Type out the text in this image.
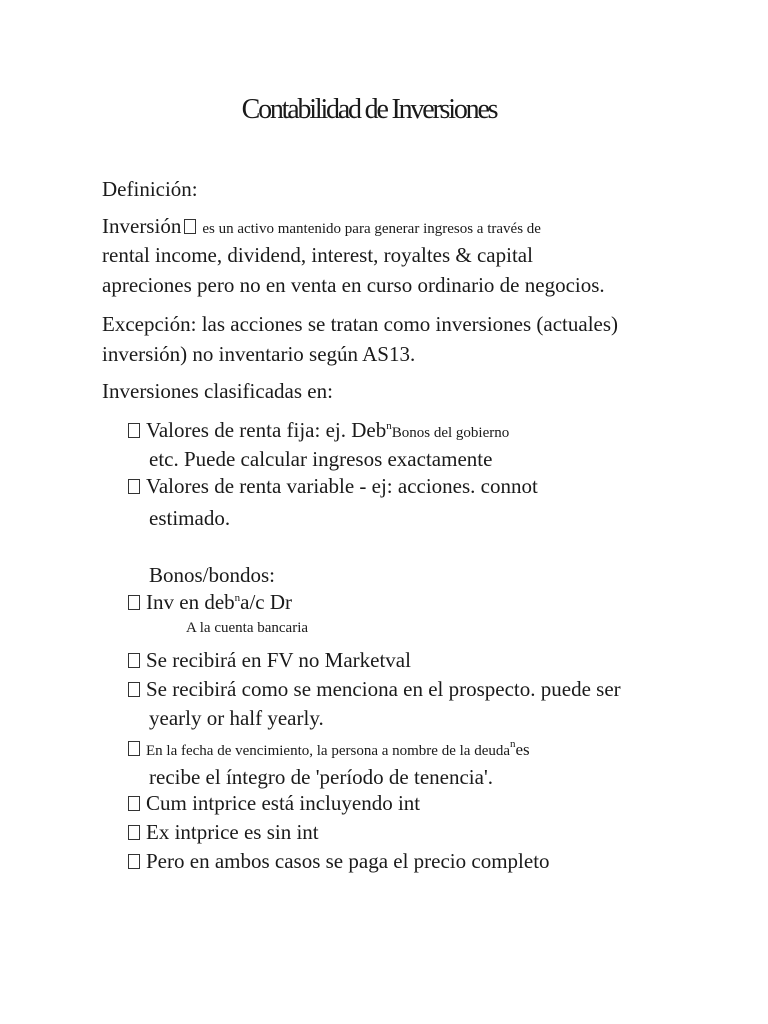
Contabilidad de Inversiones
Definición:
Inversión es un activo mantenido para generar ingresos a través de
rental income, dividend, interest, royaltes & capital
apreciones pero no en venta en curso ordinario de negocios.
Excepción: las acciones se tratan como inversiones (actuales)
inversión) no inventario según AS13.
Inversiones clasificadas en:
Valores de renta fija: ej. Deb$^n$Bonos del gobierno
etc. Puede calcular ingresos exactamente
Valores de renta variable - ej: acciones. connot
estimado.
Bonos/bondos:
Inv en deb$^n$a/c Dr
A la cuenta bancaria
Se recibirá en FV no Marketval
Se recibirá como se menciona en el prospecto. puede ser
yearly or half yearly.
En la fecha de vencimiento, la persona a nombre de la deuda$^n$es
recibe el íntegro de 'período de tenencia'.
Cum intprice está incluyendo int
Ex intprice es sin int
Pero en ambos casos se paga el precio completo
